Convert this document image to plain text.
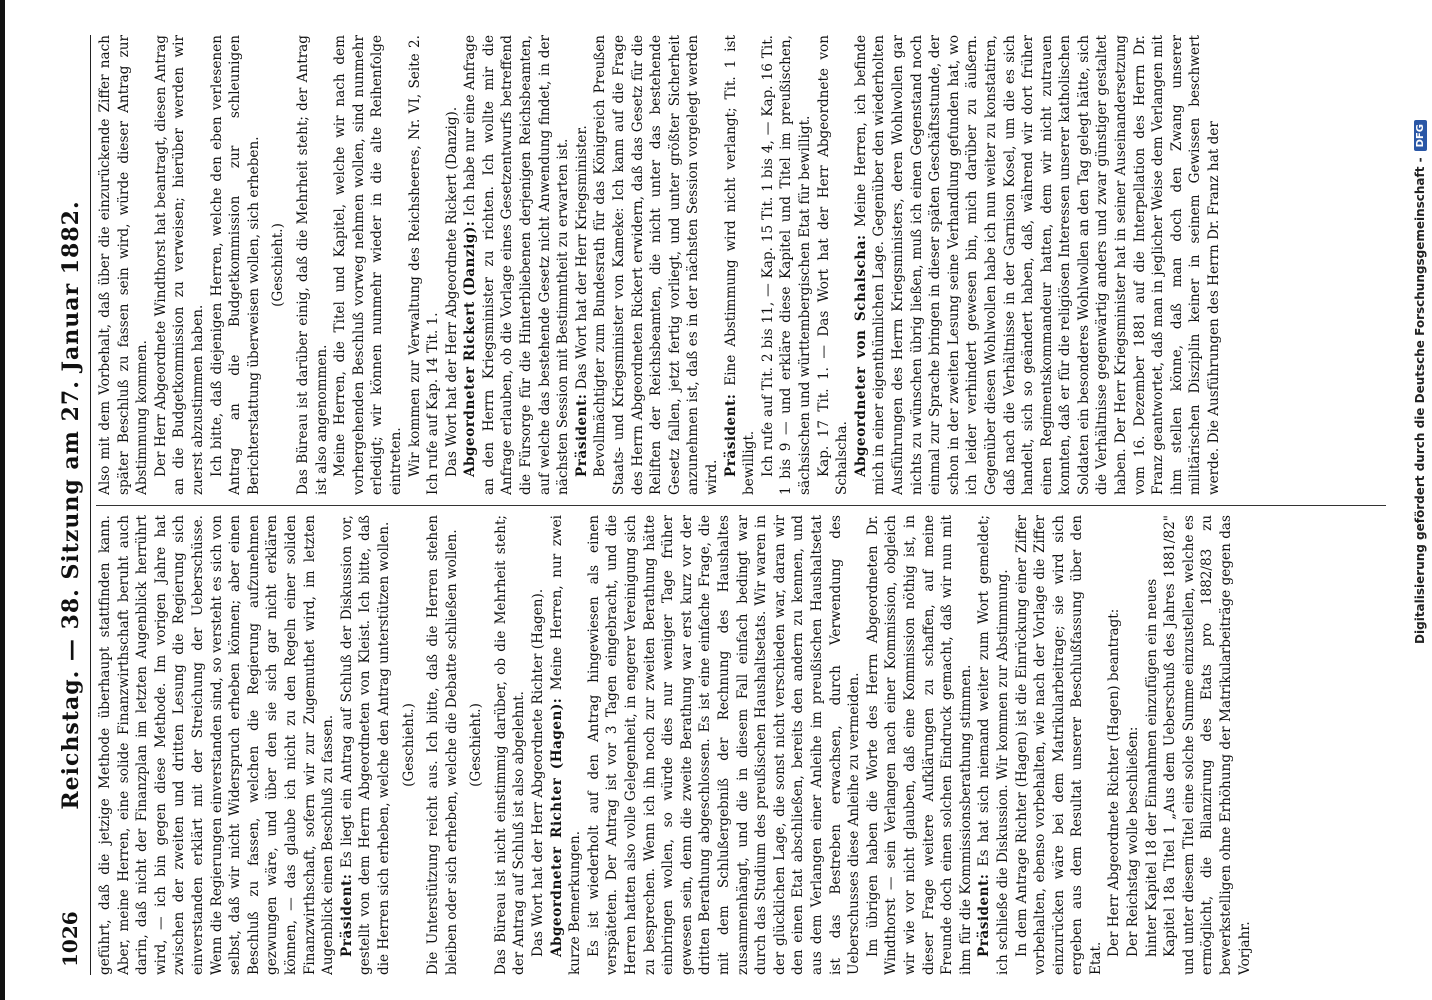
1026
Reichstag. — 38. Sitzung am 27. Januar 1882. geführt, daß die jetzige Methode überhaupt stattfinden kann. Aber, meine Herren, eine solide Finanzwirthschaft beruht auch darin, daß nicht der Finanzplan im letzten Augenblick herrührt wird, — ich bin gegen diese Methode. Im vorigen Jahre hat zwischen der zweiten und dritten Lesung die Regierung sich einverstanden erklärt mit der Streichung der Ueberschüsse. Wenn die Regierungen einverstanden sind, so versteht es sich von selbst, daß wir nicht Widerspruch erheben können; aber einen Beschluß zu fassen, welchen die Regierung aufzunehmen gezwungen wäre, und über den sie sich gar nicht erklären können, — das glaube ich nicht zu den Regeln einer soliden Finanzwirthschaft, sofern wir zur Zugemuthet wird, im letzten Augenblick einen Beschluß zu fassen. Präsident: Es liegt ein Antrag auf Schluß der Diskussion vor, gestellt von dem Herrn Abgeordneten von Kleist. Ich bitte, daß die Herren sich erheben, welche den Antrag unterstützen wollen. (Geschieht.) Die Unterstützung reicht aus. Ich bitte, daß die Herren stehen bleiben oder sich erheben, welche die Debatte schließen wollen. (Geschieht.) Das Büreau ist nicht einstimmig darüber, ob die Mehrheit steht; der Antrag auf Schluß ist also abgelehnt. Das Wort hat der Herr Abgeordnete Richter (Hagen). Abgeordneter Richter (Hagen): Meine Herren, nur zwei kurze Bemerkungen. Es ist wiederholt auf den Antrag hingewiesen als einen verspäteten. Der Antrag ist vor 3 Tagen eingebracht, und die Herren hatten also volle Gelegenheit, in engerer Vereinigung sich zu besprechen. Wenn ich ihn noch zur zweiten Berathung hätte einbringen wollen, so würde dies nur weniger Tage früher gewesen sein, denn die zweite Berathung war erst kurz vor der dritten Berathung abgeschlossen. Es ist eine einfache Frage, die mit dem Schlußergebniß der Rechnung des Haushaltes zusammenhängt, und die in diesem Fall einfach bedingt war durch das Studium des preußischen Haushaltsetats. Wir waren in der glücklichen Lage, die sonst nicht verschieden war, daran wir den einen Etat abschließen, bereits den andern zu kennen, und aus dem Verlangen einer Anleihe im preußischen Haushaltsetat ist das Bestreben erwachsen, durch Verwendung des Ueberschusses diese Anleihe zu vermeiden. Im übrigen haben die Worte des Herrn Abgeordneten Dr. Windthorst — sein Verlangen nach einer Kommission, obgleich wir wie vor nicht glauben, daß eine Kommission nöthig ist, in dieser Frage weitere Aufklärungen zu schaffen, auf meine Freunde doch einen solchen Eindruck gemacht, daß wir nun mit ihm für die Kommissionsberathung stimmen. Präsident: Es hat sich niemand weiter zum Wort gemeldet; ich schließe die Diskussion. Wir kommen zur Abstimmung. In dem Antrage Richter (Hagen) ist die Einrückung einer Ziffer vorbehalten, ebenso vorbehalten, wie nach der Vorlage die Ziffer einzurücken wäre bei dem Matrikularbeitrage; sie wird sich ergeben aus dem Resultat unserer Beschlußfassung über den Etat.

Der Herr Abgeordnete Richter (Hagen) beantragt: Der Reichstag wolle beschließen: hinter Kapitel 18 der Einnahmen einzufügen ein neues Kapitel 18a Titel 1 „Aus dem Ueberschuß des Jahres 1881/82" und unter diesem Titel eine solche Summe einzustellen, welche es ermöglicht, die Bilanzirung des Etats pro 1882/83 zu bewerkstelligen ohne Erhöhung der Matrikularbeiträge gegen das Vorjahr.

Also mit dem Vorbehalt, daß über die einzurückende Ziffer nach später Beschluß zu fassen sein wird, würde dieser Antrag zur Abstimmung kommen. Der Herr Abgeordnete Windthorst hat beantragt, diesen Antrag an die Budgetkommission zu verweisen; hierüber werden wir zuerst abzustimmen haben. Ich bitte, daß diejenigen Herren, welche den eben verlesenen Antrag an die Budgetkommission zur schleunigen Berichterstattung überweisen wollen, sich erheben. (Geschieht.) Das Büreau ist darüber einig, daß die Mehrheit steht; der Antrag ist also angenommen. Meine Herren, die Titel und Kapitel, welche wir nach dem vorhergehenden Beschluß vorweg nehmen wollen, sind nunmehr erledigt; wir können nunmehr wieder in die alte Reihenfolge eintreten. Wir kommen zur Verwaltung des Reichsheeres, Nr. VI, Seite 2. Ich rufe auf Kap. 14 Tit. 1. Das Wort hat der Herr Abgeordnete Rickert (Danzig). Abgeordneter Rickert (Danzig): Ich habe nur eine Anfrage an den Herrn Kriegsminister zu richten. Ich wollte mir die Anfrage erlauben, ob die Vorlage eines Gesetzentwurfs betreffend die Fürsorge für die Hinterbliebenen derjenigen Reichsbeamten, auf welche das bestehende Gesetz nicht Anwendung findet, in der nächsten Session mit Bestimmtheit zu erwarten ist. Präsident: Das Wort hat der Herr Kriegsminister. Bevollmächtigter zum Bundesrath für das Königreich Preußen Staats- und Kriegsminister von Kameke: Ich kann auf die Frage des Herrn Abgeordneten Rickert erwidern, daß das Gesetz für die Reliften der Reichsbeamten, die nicht unter das bestehende Gesetz fallen, jetzt fertig vorliegt, und unter größter Sicherheit anzunehmen ist, daß es in der nächsten Session vorgelegt werden wird.

Präsident: Eine Abstimmung wird nicht verlangt; Tit. 1 ist bewilligt. Ich rufe auf Tit. 2 bis 11, — Kap. 15 Tit. 1 bis 4, — Kap. 16 Tit. 1 bis 9 — und erkläre diese Kapitel und Titel im preußischen, sächsischen und württembergischen Etat für bewilligt. Kap. 17 Tit. 1. — Das Wort hat der Herr Abgeordnete von Schalscha. Abgeordneter von Schalscha: Meine Herren, ich befinde mich in einer eigenthümlichen Lage. Gegenüber den wiederholten Ausführungen des Herrn Kriegsministers, deren Wohlwollen gar nichts zu wünschen übrig ließen, muß ich einen Gegenstand noch einmal zur Sprache bringen in dieser späten Geschäftsstunde, der schon in der zweiten Lesung seine Verhandlung gefunden hat, wo ich leider verhindert gewesen bin, mich darüber zu äußern. Gegenüber diesen Wohlwollen habe ich nun weiter zu konstatiren, daß nach die Verhältnisse in der Garnison Kosel, um die es sich handelt, sich so geändert haben, daß, während wir dort früher einen Regimentskommandeur hatten, dem wir nicht zutrauen konnten, daß er für die religiösen Interessen unserer katholischen Soldaten ein besonderes Wohlwollen an den Tag gelegt hätte, sich die Verhältnisse gegenwärtig anders und zwar günstiger gestaltet haben. Der Herr Kriegsminister hat in seiner Auseinandersetzung vom 16. Dezember 1881 auf die Interpellation des Herrn Dr. Franz geantwortet, daß man in jeglicher Weise dem Verlangen mit ihm stellen könne, daß man doch den Zwang unserer militärischen Disziplin keiner in seinem Gewissen beschwert werde. Die Ausführungen des Herrn Dr. Franz hat der	Digitalisierung gefördert durch die Deutsche Forschungsgemeinschaft -
DFG
